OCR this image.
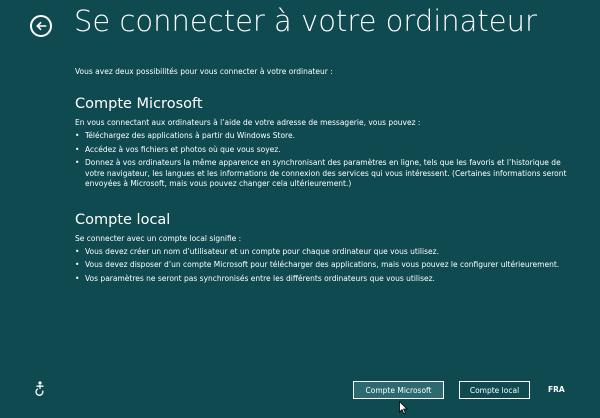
Se connecter à votre ordinateur

Vous avez deux possibilités pour vous connecter à votre ordinateur :

Compte Microsoft

En vous connectant aux ordinateurs à l’aide de votre adresse de messagerie, vous pouvez :

• Téléchargez des applications à partir du Windows Store.
• Accédez à vos fichiers et photos où que vous soyez.
• Donnez à vos ordinateurs la même apparence en synchronisant des paramètres en ligne, tels que les favoris et l’historique de votre navigateur, les langues et les informations de connexion des services qui vous intéressent. (Certaines informations seront envoyées à Microsoft, mais vous pouvez changer cela ultérieurement.)
Compte local

Se connecter avec un compte local signifie :

• Vous devez créer un nom d’utilisateur et un compte pour chaque ordinateur que vous utilisez.
• Vous devez disposer d’un compte Microsoft pour télécharger des applications, mais vous pouvez le configurer ultérieurement.
• Vos paramètres ne seront pas synchronisés entre les différents ordinateurs que vous utilisez.
Compte Microsoft	Compte local	FRA
